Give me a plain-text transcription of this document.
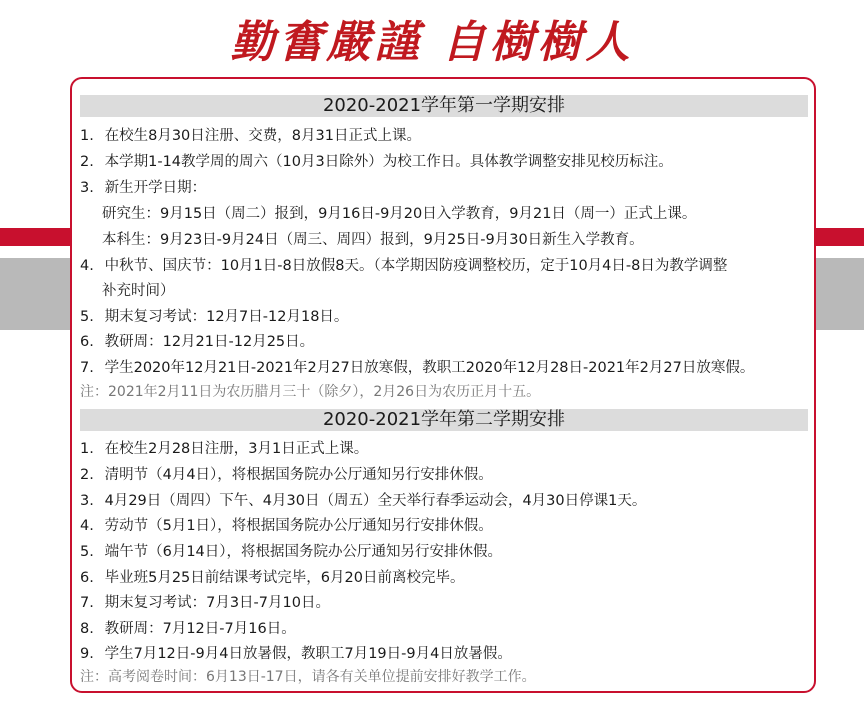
勤奮嚴謹 自樹樹人
2020-2021学年第一学期安排
1. 在校生8月30日注册、交费，8月31日正式上课。
2. 本学期1-14教学周的周六（10月3日除外）为校工作日。具体教学调整安排见校历标注。
3. 新生开学日期：
研究生：9月15日（周二）报到，9月16日-9月20日入学教育，9月21日（周一）正式上课。
本科生：9月23日-9月24日（周三、周四）报到，9月25日-9月30日新生入学教育。
4. 中秋节、国庆节：10月1日-8日放假8天。（本学期因防疫调整校历，定于10月4日-8日为教学调整
补充时间）
5. 期末复习考试：12月7日-12月18日。
6. 教研周：12月21日-12月25日。
7. 学生2020年12月21日-2021年2月27日放寒假，教职工2020年12月28日-2021年2月27日放寒假。
注：2021年2月11日为农历腊月三十（除夕），2月26日为农历正月十五。
2020-2021学年第二学期安排
1. 在校生2月28日注册，3月1日正式上课。
2. 清明节（4月4日），将根据国务院办公厅通知另行安排休假。
3. 4月29日（周四）下午、4月30日（周五）全天举行春季运动会，4月30日停课1天。
4. 劳动节（5月1日），将根据国务院办公厅通知另行安排休假。
5. 端午节（6月14日），将根据国务院办公厅通知另行安排休假。
6. 毕业班5月25日前结课考试完毕，6月20日前离校完毕。
7. 期末复习考试：7月3日-7月10日。
8. 教研周：7月12日-7月16日。
9. 学生7月12日-9月4日放暑假，教职工7月19日-9月4日放暑假。
注：高考阅卷时间：6月13日-17日，请各有关单位提前安排好教学工作。
